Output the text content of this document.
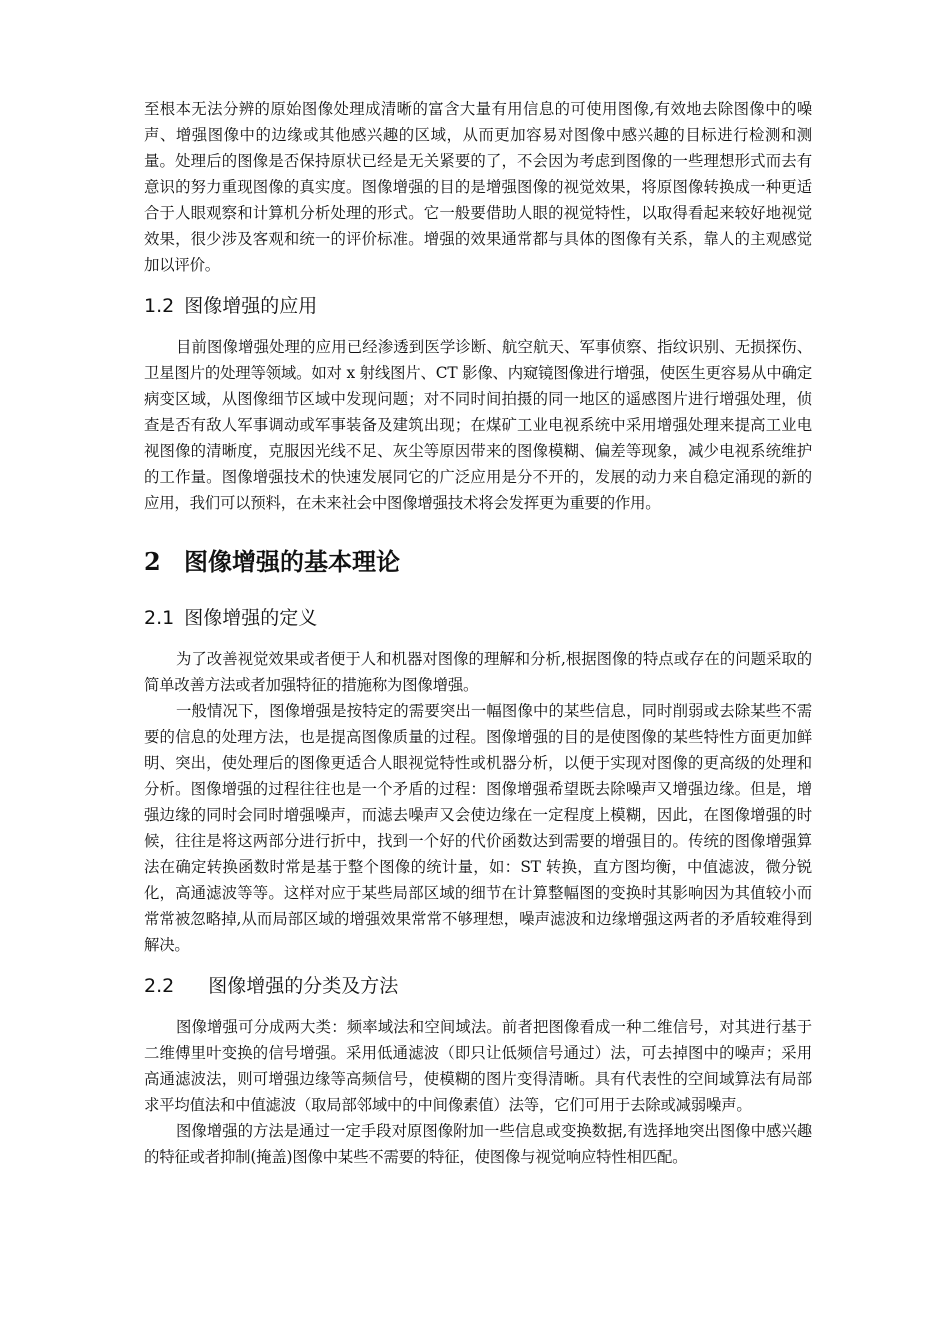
至根本无法分辨的原始图像处理成清晰的富含大量有用信息的可使用图像,有效地去除图像中的噪声、增强图像中的边缘或其他感兴趣的区域，从而更加容易对图像中感兴趣的目标进行检测和测量。处理后的图像是否保持原状已经是无关紧要的了，不会因为考虑到图像的一些理想形式而去有意识的努力重现图像的真实度。图像增强的目的是增强图像的视觉效果，将原图像转换成一种更适合于人眼观察和计算机分析处理的形式。它一般要借助人眼的视觉特性，以取得看起来较好地视觉效果，很少涉及客观和统一的评价标准。增强的效果通常都与具体的图像有关系，靠人的主观感觉加以评价。

1.2 图像增强的应用

目前图像增强处理的应用已经渗透到医学诊断、航空航天、军事侦察、指纹识别、无损探伤、卫星图片的处理等领域。如对 x 射线图片、CT 影像、内窥镜图像进行增强，使医生更容易从中确定病变区域，从图像细节区域中发现问题；对不同时间拍摄的同一地区的遥感图片进行增强处理，侦查是否有敌人军事调动或军事装备及建筑出现；在煤矿工业电视系统中采用增强处理来提高工业电视图像的清晰度，克服因光线不足、灰尘等原因带来的图像模糊、偏差等现象，减少电视系统维护的工作量。图像增强技术的快速发展同它的广泛应用是分不开的，发展的动力来自稳定涌现的新的应用，我们可以预料，在未来社会中图像增强技术将会发挥更为重要的作用。

2 图像增强的基本理论
2.1 图像增强的定义

为了改善视觉效果或者便于人和机器对图像的理解和分析,根据图像的特点或存在的问题采取的简单改善方法或者加强特征的措施称为图像增强。

一般情况下，图像增强是按特定的需要突出一幅图像中的某些信息，同时削弱或去除某些不需要的信息的处理方法，也是提高图像质量的过程。图像增强的目的是使图像的某些特性方面更加鲜明、突出，使处理后的图像更适合人眼视觉特性或机器分析，以便于实现对图像的更高级的处理和分析。图像增强的过程往往也是一个矛盾的过程：图像增强希望既去除噪声又增强边缘。但是，增强边缘的同时会同时增强噪声，而滤去噪声又会使边缘在一定程度上模糊，因此，在图像增强的时候，往往是将这两部分进行折中，找到一个好的代价函数达到需要的增强目的。传统的图像增强算法在确定转换函数时常是基于整个图像的统计量，如：ST 转换，直方图均衡，中值滤波，微分锐化，高通滤波等等。这样对应于某些局部区域的细节在计算整幅图的变换时其影响因为其值较小而常常被忽略掉,从而局部区域的增强效果常常不够理想，噪声滤波和边缘增强这两者的矛盾较难得到解决。

2.2 图像增强的分类及方法

图像增强可分成两大类：频率域法和空间域法。前者把图像看成一种二维信号，对其进行基于二维傅里叶变换的信号增强。采用低通滤波（即只让低频信号通过）法，可去掉图中的噪声；采用高通滤波法，则可增强边缘等高频信号，使模糊的图片变得清晰。具有代表性的空间域算法有局部求平均值法和中值滤波（取局部邻域中的中间像素值）法等，它们可用于去除或减弱噪声。

图像增强的方法是通过一定手段对原图像附加一些信息或变换数据,有选择地突出图像中感兴趣的特征或者抑制(掩盖)图像中某些不需要的特征，使图像与视觉响应特性相匹配。
